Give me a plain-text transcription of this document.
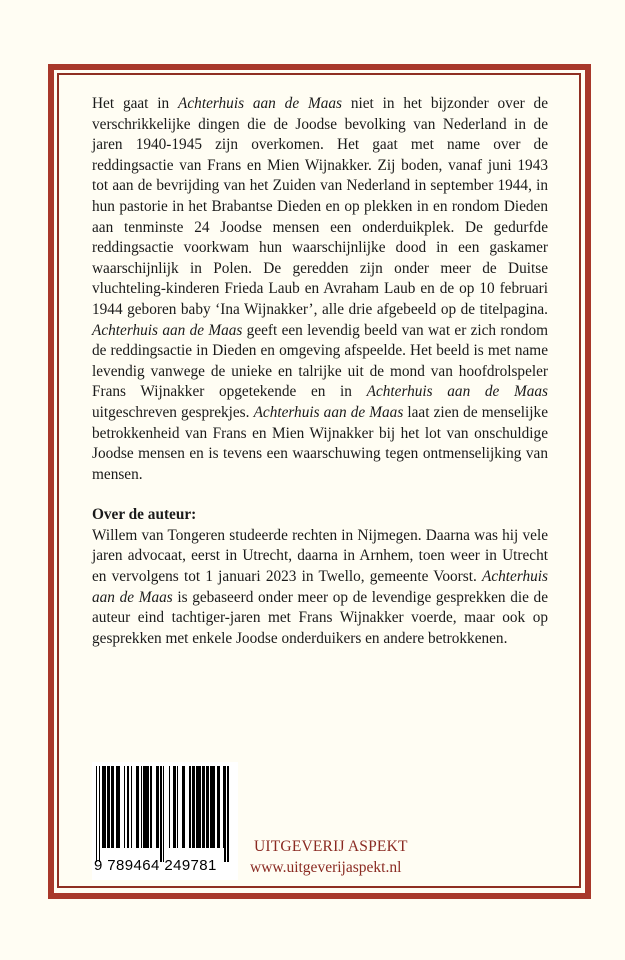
Het gaat in Achterhuis aan de Maas niet in het bijzonder over de verschrikkelijke dingen die de Joodse bevolking van Nederland in de jaren 1940-1945 zijn overkomen. Het gaat met name over de reddingsactie van Frans en Mien Wijnakker. Zij boden, vanaf juni 1943 tot aan de bevrijding van het Zuiden van Nederland in september 1944, in hun pastorie in het Brabantse Dieden en op plekken in en rondom Dieden aan tenminste 24 Joodse mensen een onderduikplek. De gedurfde reddingsactie voorkwam hun waarschijnlijke dood in een gaskamer waarschijnlijk in Polen. De geredden zijn onder meer de Duitse vluchteling-kinderen Frieda Laub en Avraham Laub en de op 10 februari 1944 geboren baby ‘Ina Wijnakker’, alle drie afgebeeld op de titelpagina. Achterhuis aan de Maas geeft een levendig beeld van wat er zich rondom de reddingsactie in Dieden en omgeving afspeelde. Het beeld is met name levendig vanwege de unieke en talrijke uit de mond van hoofdrolspeler Frans Wijnakker opgetekende en in Achterhuis aan de Maas uitgeschreven gesprekjes. Achterhuis aan de Maas laat zien de menselijke betrokkenheid van Frans en Mien Wijnakker bij het lot van onschuldige Joodse mensen en is tevens een waarschuwing tegen ontmenselijking van mensen.

Over de auteur:

Willem van Tongeren studeerde rechten in Nijmegen. Daarna was hij vele jaren advocaat, eerst in Utrecht, daarna in Arnhem, toen weer in Utrecht en vervolgens tot 1 januari 2023 in Twello, gemeente Voorst. Achterhuis aan de Maas is gebaseerd onder meer op de levendige gesprekken die de auteur eind tachtiger-jaren met Frans Wijnakker voerde, maar ook op gesprekken met enkele Joodse onderduikers en andere betrokkenen.

9 789464 249781
UITGEVERIJ ASPEKT
www.uitgeverijaspekt.nl
